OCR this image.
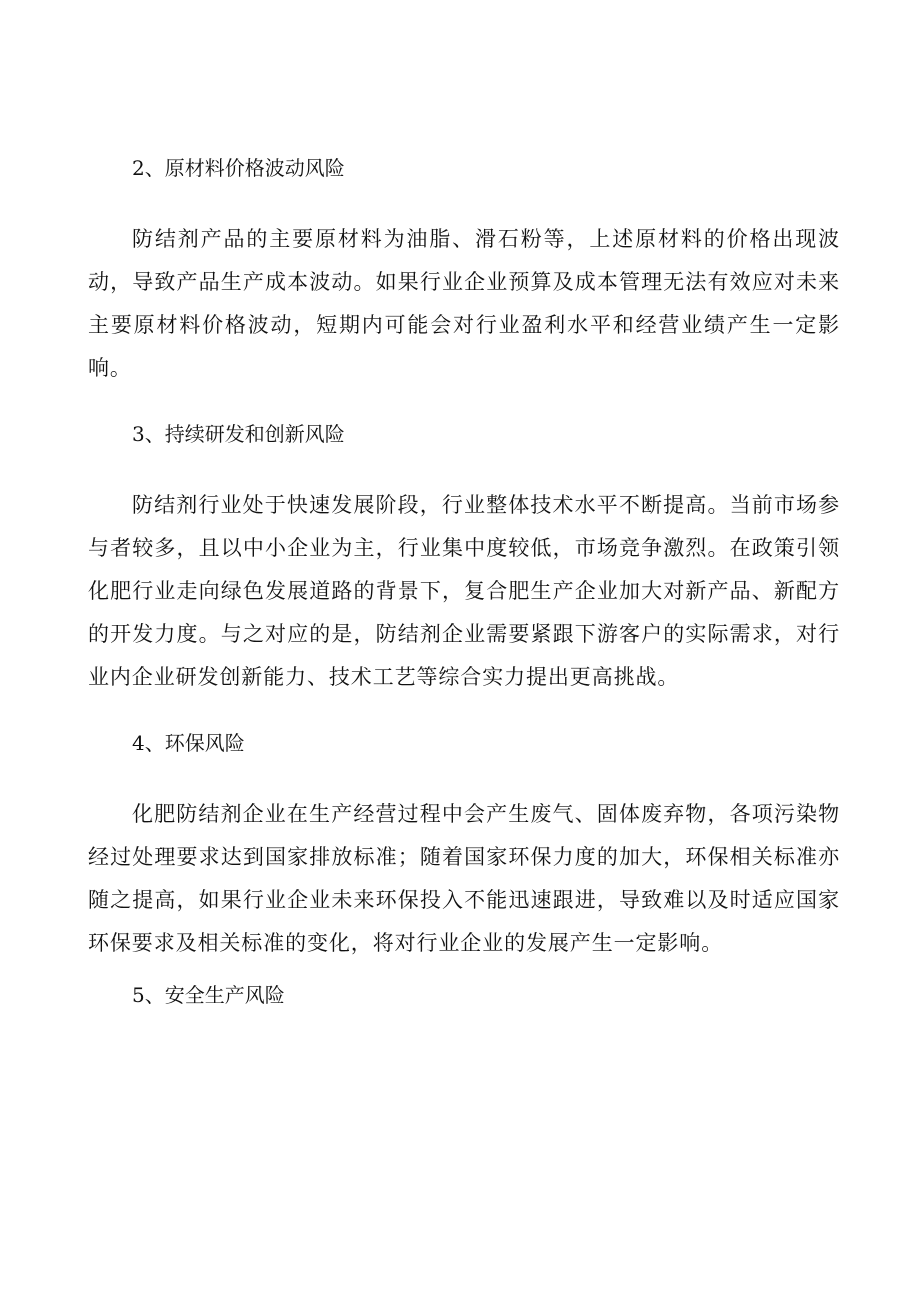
2、原材料价格波动风险

防结剂产品的主要原材料为油脂、滑石粉等，上述原材料的价格出现波动，导致产品生产成本波动。如果行业企业预算及成本管理无法有效应对未来主要原材料价格波动，短期内可能会对行业盈利水平和经营业绩产生一定影响。

3、持续研发和创新风险

防结剂行业处于快速发展阶段，行业整体技术水平不断提高。当前市场参与者较多，且以中小企业为主，行业集中度较低，市场竞争激烈。在政策引领化肥行业走向绿色发展道路的背景下，复合肥生产企业加大对新产品、新配方的开发力度。与之对应的是，防结剂企业需要紧跟下游客户的实际需求，对行业内企业研发创新能力、技术工艺等综合实力提出更高挑战。

4、环保风险

化肥防结剂企业在生产经营过程中会产生废气、固体废弃物，各项污染物经过处理要求达到国家排放标准；随着国家环保力度的加大，环保相关标准亦随之提高，如果行业企业未来环保投入不能迅速跟进，导致难以及时适应国家环保要求及相关标准的变化，将对行业企业的发展产生一定影响。

5、安全生产风险
